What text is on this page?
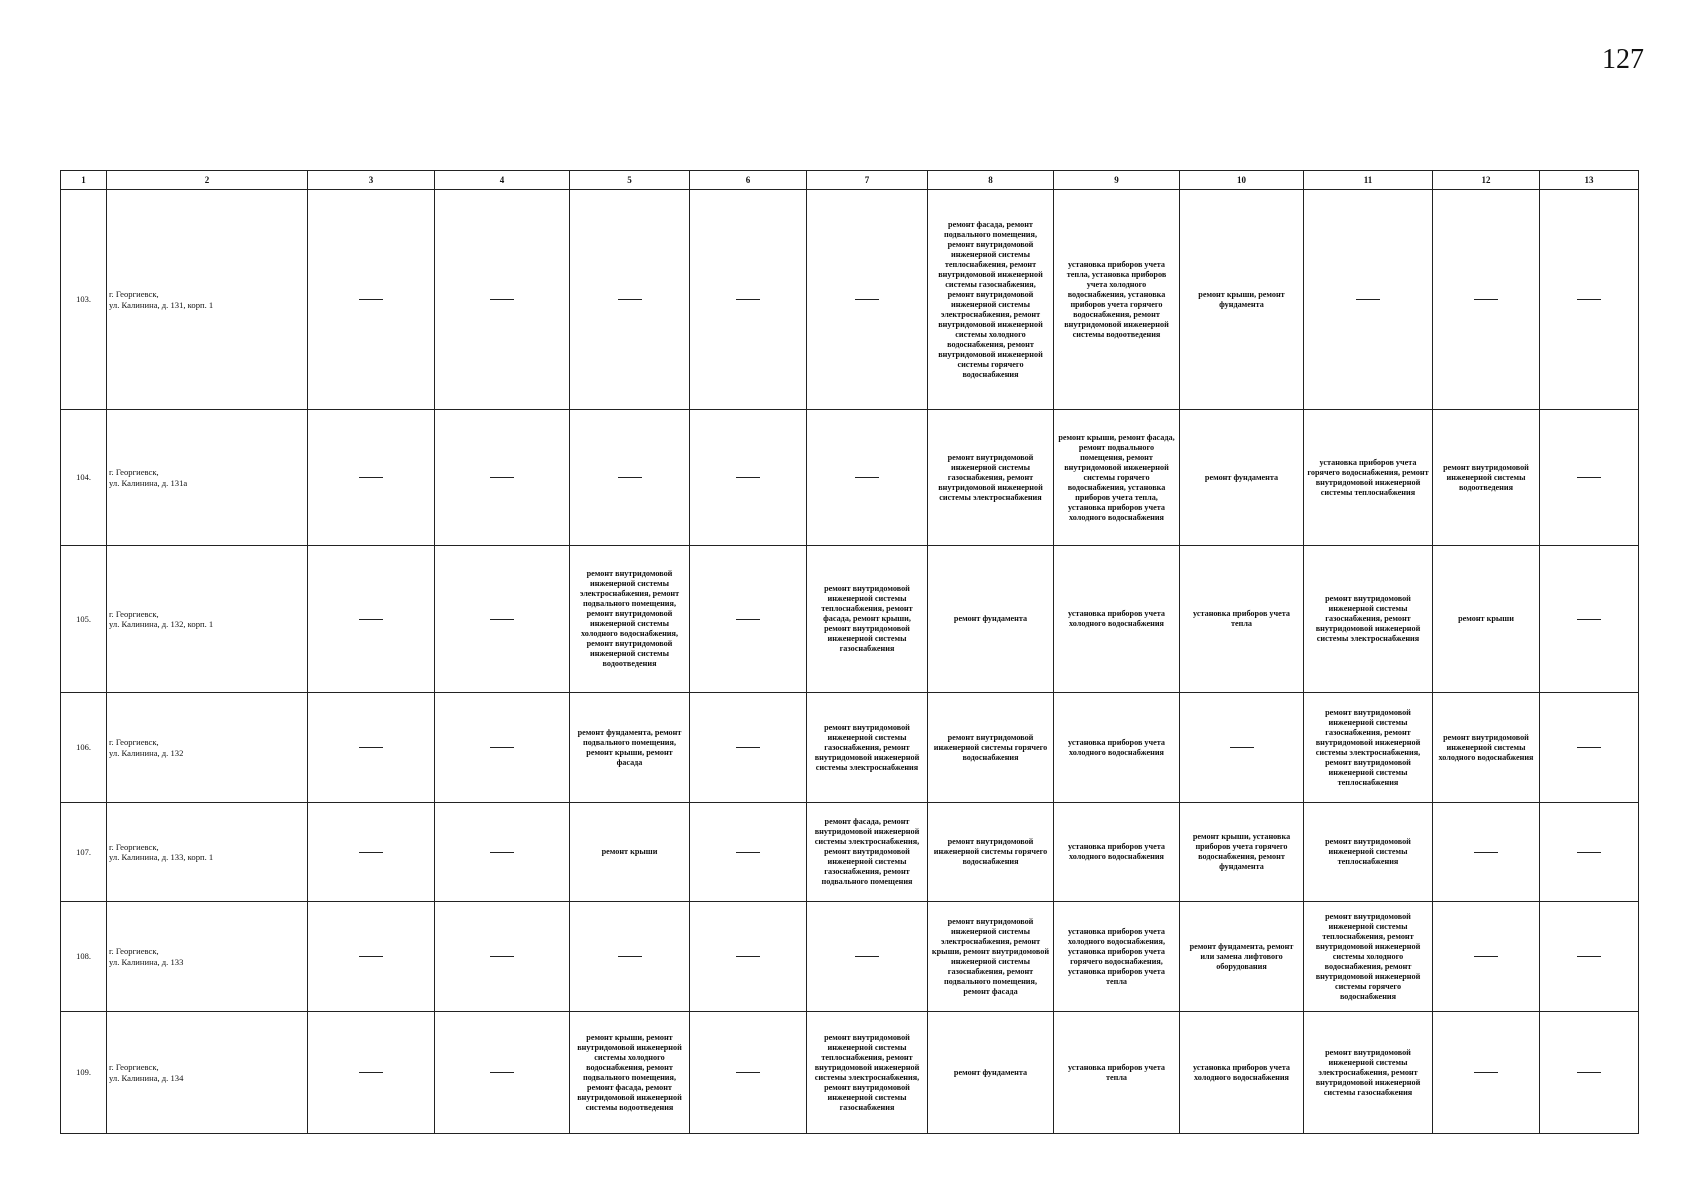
127
1	2	3	4	5	6	7	8	9	10	11	12	13
103.	г. Георгиевск,
ул. Калинина, д. 131, корп. 1						ремонт фасада, ремонт подвального помещения, ремонт внутридомовой инженерной системы теплоснабжения, ремонт внутридомовой инженерной системы газоснабжения, ремонт внутридомовой инженерной системы электроснабжения, ремонт внутридомовой инженерной системы холодного водоснабжения, ремонт внутридомовой инженерной системы горячего водоснабжения	установка приборов учета тепла, установка приборов учета холодного водоснабжения, установка приборов учета горячего водоснабжения, ремонт внутридомовой инженерной системы водоотведения	ремонт крыши, ремонт фундамента			
104.	г. Георгиевск,
ул. Калинина, д. 131а						ремонт внутридомовой инженерной системы газоснабжения, ремонт внутридомовой инженерной системы электроснабжения	ремонт крыши, ремонт фасада, ремонт подвального помещения, ремонт внутридомовой инженерной системы горячего водоснабжения, установка приборов учета тепла, установка приборов учета холодного водоснабжения	ремонт фундамента	установка приборов учета горячего водоснабжения, ремонт внутридомовой инженерной системы теплоснабжения	ремонт внутридомовой инженерной системы водоотведения	
105.	г. Георгиевск,
ул. Калинина, д. 132, корп. 1			ремонт внутридомовой инженерной системы электроснабжения, ремонт подвального помещения, ремонт внутридомовой инженерной системы холодного водоснабжения, ремонт внутридомовой инженерной системы водоотведения		ремонт внутридомовой инженерной системы теплоснабжения, ремонт фасада, ремонт крыши, ремонт внутридомовой инженерной системы газоснабжения	ремонт фундамента	установка приборов учета холодного водоснабжения	установка приборов учета тепла	ремонт внутридомовой инженерной системы газоснабжения, ремонт внутридомовой инженерной системы электроснабжения	ремонт крыши	
106.	г. Георгиевск,
ул. Калинина, д. 132			ремонт фундамента, ремонт подвального помещения, ремонт крыши, ремонт фасада		ремонт внутридомовой инженерной системы газоснабжения, ремонт внутридомовой инженерной системы электроснабжения	ремонт внутридомовой инженерной системы горячего водоснабжения	установка приборов учета холодного водоснабжения		ремонт внутридомовой инженерной системы газоснабжения, ремонт внутридомовой инженерной системы электроснабжения, ремонт внутридомовой инженерной системы теплоснабжения	ремонт внутридомовой инженерной системы холодного водоснабжения	
107.	г. Георгиевск,
ул. Калинина, д. 133, корп. 1			ремонт крыши		ремонт фасада, ремонт внутридомовой инженерной системы электроснабжения, ремонт внутридомовой инженерной системы газоснабжения, ремонт подвального помещения	ремонт внутридомовой инженерной системы горячего водоснабжения	установка приборов учета холодного водоснабжения	ремонт крыши, установка приборов учета горячего водоснабжения, ремонт фундамента	ремонт внутридомовой инженерной системы теплоснабжения		
108.	г. Георгиевск,
ул. Калинина, д. 133						ремонт внутридомовой инженерной системы электроснабжения, ремонт крыши, ремонт внутридомовой инженерной системы газоснабжения, ремонт подвального помещения, ремонт фасада	установка приборов учета холодного водоснабжения, установка приборов учета горячего водоснабжения, установка приборов учета тепла	ремонт фундамента, ремонт или замена лифтового оборудования	ремонт внутридомовой инженерной системы теплоснабжения, ремонт внутридомовой инженерной системы холодного водоснабжения, ремонт внутридомовой инженерной системы горячего водоснабжения		
109.	г. Георгиевск,
ул. Калинина, д. 134			ремонт крыши, ремонт внутридомовой инженерной системы холодного водоснабжения, ремонт подвального помещения, ремонт фасада, ремонт внутридомовой инженерной системы водоотведения		ремонт внутридомовой инженерной системы теплоснабжения, ремонт внутридомовой инженерной системы электроснабжения, ремонт внутридомовой инженерной системы газоснабжения	ремонт фундамента	установка приборов учета тепла	установка приборов учета холодного водоснабжения	ремонт внутридомовой инженерной системы электроснабжения, ремонт внутридомовой инженерной системы газоснабжения		
